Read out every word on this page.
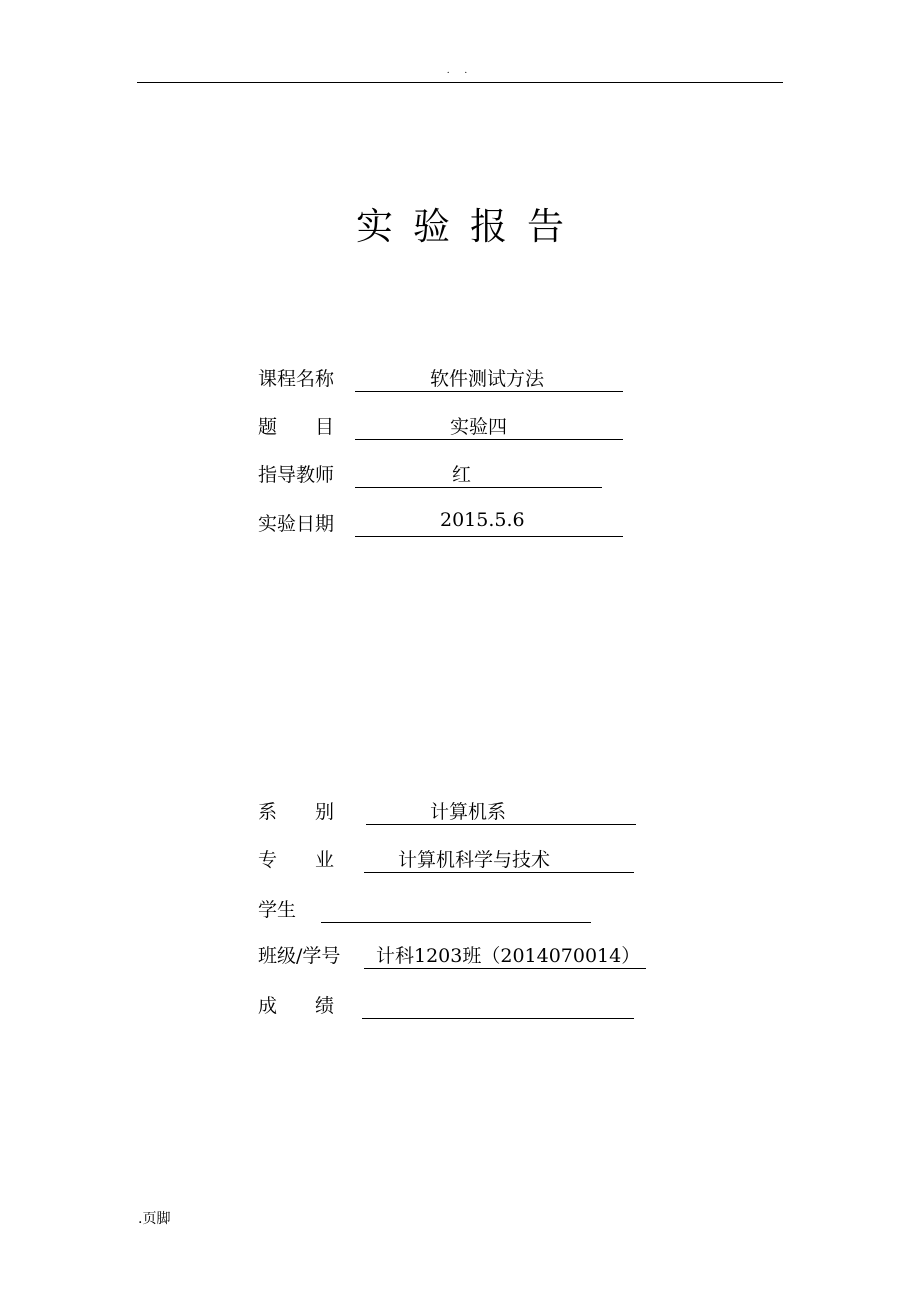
. .
实验报告
课程名称	软件测试方法
题　　目	实验四
指导教师	红
实验日期	2015.5.6
系　　别	计算机系
专　　业	计算机科学与技术
学生
班级/学号 计科1203班（2014070014）
成　　绩
.页脚
